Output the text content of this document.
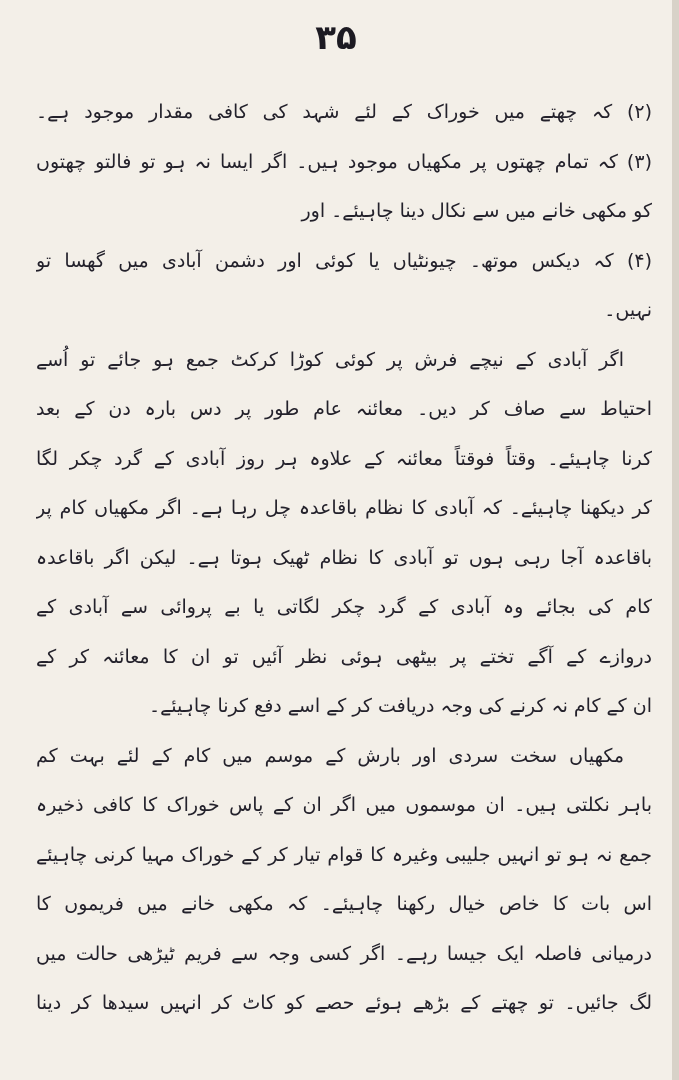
۳۵
(۲) کہ چھتے میں خوراک کے لئے شہد کی کافی مقدار موجود ہے۔
(۳) کہ تمام چھتوں پر مکھیاں موجود ہیں۔ اگر ایسا نہ ہو تو فالتو چھتوں
کو مکھی خانے میں سے نکال دینا چاہیئے۔ اور
(۴) کہ دیکس موتھ۔ چیونٹیاں یا کوئی اور دشمن آبادی میں گھسا تو
نہیں۔
اگر آبادی کے نیچے فرش پر کوئی کوڑا کرکٹ جمع ہو جائے تو اُسے
احتیاط سے صاف کر دیں۔ معائنہ عام طور پر دس بارہ دن کے بعد
کرنا چاہیئے۔ وقتاً فوقتاً معائنہ کے علاوہ ہر روز آبادی کے گرد چکر لگا
کر دیکھنا چاہیئے۔ کہ آبادی کا نظام باقاعدہ چل رہا ہے۔ اگر مکھیاں کام پر
باقاعدہ آجا رہی ہوں تو آبادی کا نظام ٹھیک ہوتا ہے۔ لیکن اگر باقاعدہ
کام کی بجائے وہ آبادی کے گرد چکر لگاتی یا بے پروائی سے آبادی کے
دروازے کے آگے تختے پر بیٹھی ہوئی نظر آئیں تو ان کا معائنہ کر کے
ان کے کام نہ کرنے کی وجہ دریافت کر کے اسے دفع کرنا چاہیئے۔
مکھیاں سخت سردی اور بارش کے موسم میں کام کے لئے بہت کم
باہر نکلتی ہیں۔ ان موسموں میں اگر ان کے پاس خوراک کا کافی ذخیرہ
جمع نہ ہو تو انہیں جلیبی وغیرہ کا قوام تیار کر کے خوراک مہیا کرنی چاہیئے
اس بات کا خاص خیال رکھنا چاہیئے۔ کہ مکھی خانے میں فریموں کا
درمیانی فاصلہ ایک جیسا رہے۔ اگر کسی وجہ سے فریم ٹیڑھی حالت میں
لگ جائیں۔ تو چھتے کے بڑھے ہوئے حصے کو کاٹ کر انہیں سیدھا کر دینا
